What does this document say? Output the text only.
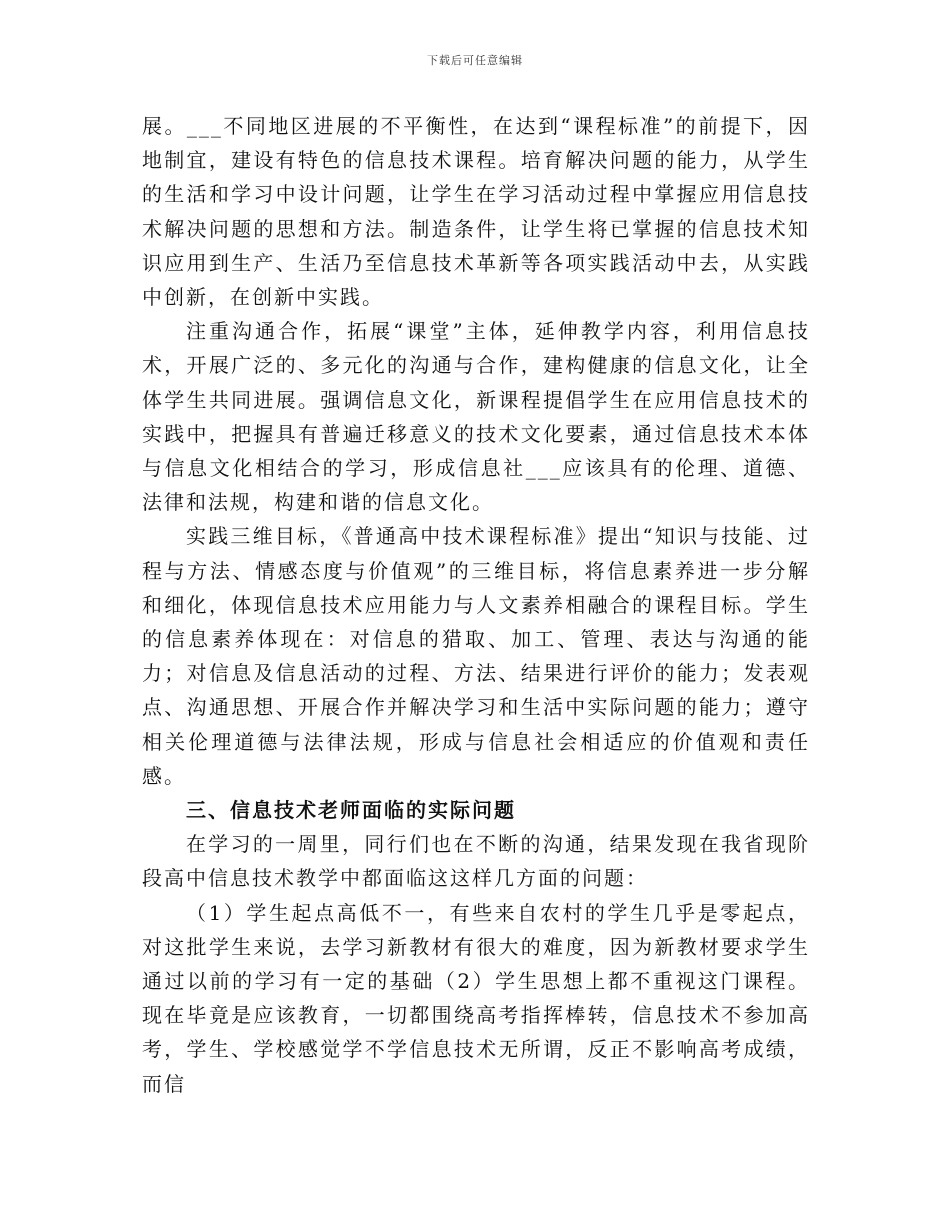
下载后可任意编辑

展。___不同地区进展的不平衡性，在达到“课程标准”的前提下，因地制宜，建设有特色的信息技术课程。培育解决问题的能力，从学生的生活和学习中设计问题，让学生在学习活动过程中掌握应用信息技术解决问题的思想和方法。制造条件，让学生将已掌握的信息技术知识应用到生产、生活乃至信息技术革新等各项实践活动中去，从实践中创新，在创新中实践。

注重沟通合作，拓展“课堂”主体，延伸教学内容，利用信息技术，开展广泛的、多元化的沟通与合作，建构健康的信息文化，让全体学生共同进展。强调信息文化，新课程提倡学生在应用信息技术的实践中，把握具有普遍迁移意义的技术文化要素，通过信息技术本体与信息文化相结合的学习，形成信息社___应该具有的伦理、道德、法律和法规，构建和谐的信息文化。

实践三维目标，《普通高中技术课程标准》提出“知识与技能、过程与方法、情感态度与价值观”的三维目标，将信息素养进一步分解和细化，体现信息技术应用能力与人文素养相融合的课程目标。学生的信息素养体现在：对信息的猎取、加工、管理、表达与沟通的能力；对信息及信息活动的过程、方法、结果进行评价的能力；发表观点、沟通思想、开展合作并解决学习和生活中实际问题的能力；遵守相关伦理道德与法律法规，形成与信息社会相适应的价值观和责任感。

三、信息技术老师面临的实际问题

在学习的一周里，同行们也在不断的沟通，结果发现在我省现阶段高中信息技术教学中都面临这这样几方面的问题：

（1）学生起点高低不一，有些来自农村的学生几乎是零起点，对这批学生来说，去学习新教材有很大的难度，因为新教材要求学生通过以前的学习有一定的基础（2）学生思想上都不重视这门课程。现在毕竟是应该教育，一切都围绕高考指挥棒转，信息技术不参加高考，学生、学校感觉学不学信息技术无所谓，反正不影响高考成绩，而信
